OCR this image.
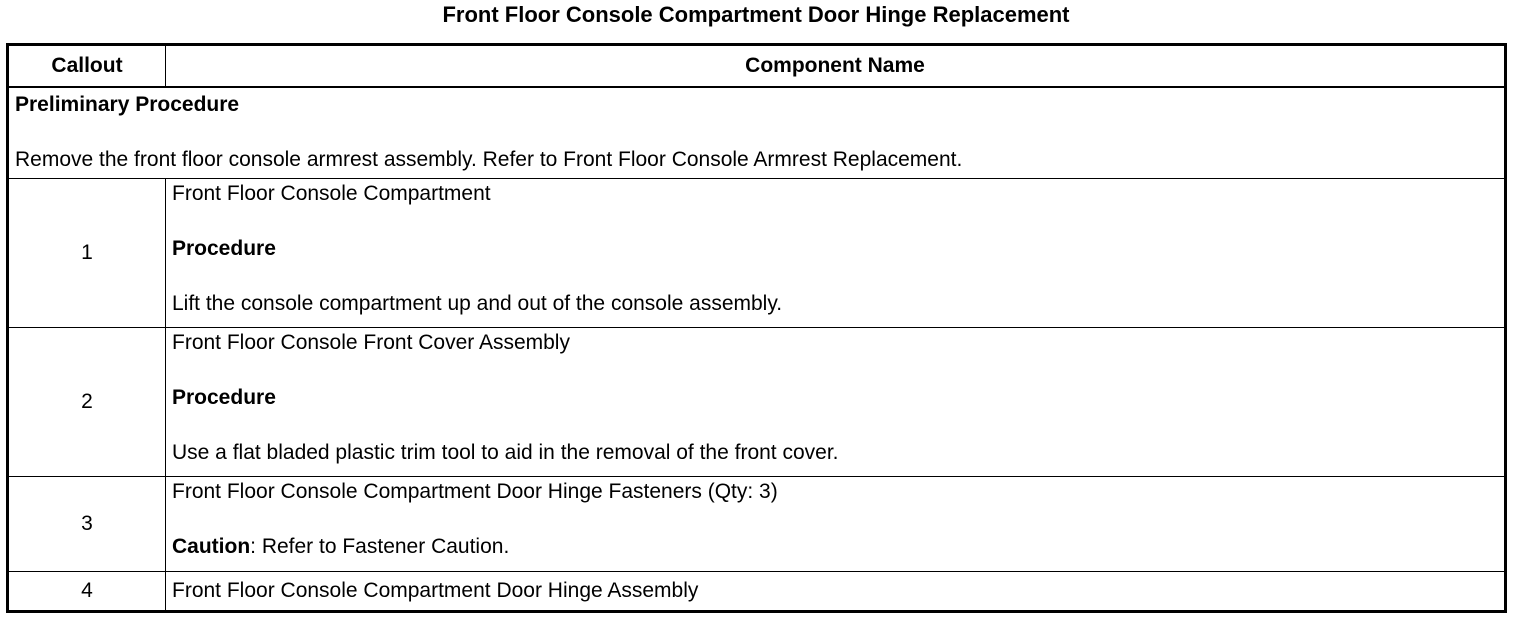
Front Floor Console Compartment Door Hinge Replacement
Callout	Component Name

Preliminary Procedure
Remove the front floor console armrest assembly. Refer to Front Floor Console Armrest Replacement.	

1	Front Floor Console Compartment
Procedure
Lift the console compartment up and out of the console assembly.

2	Front Floor Console Front Cover Assembly
Procedure
Use a flat bladed plastic trim tool to aid in the removal of the front cover.

3	Front Floor Console Compartment Door Hinge Fasteners (Qty: 3)
Caution: Refer to Fastener Caution.

4	Front Floor Console Compartment Door Hinge Assembly
